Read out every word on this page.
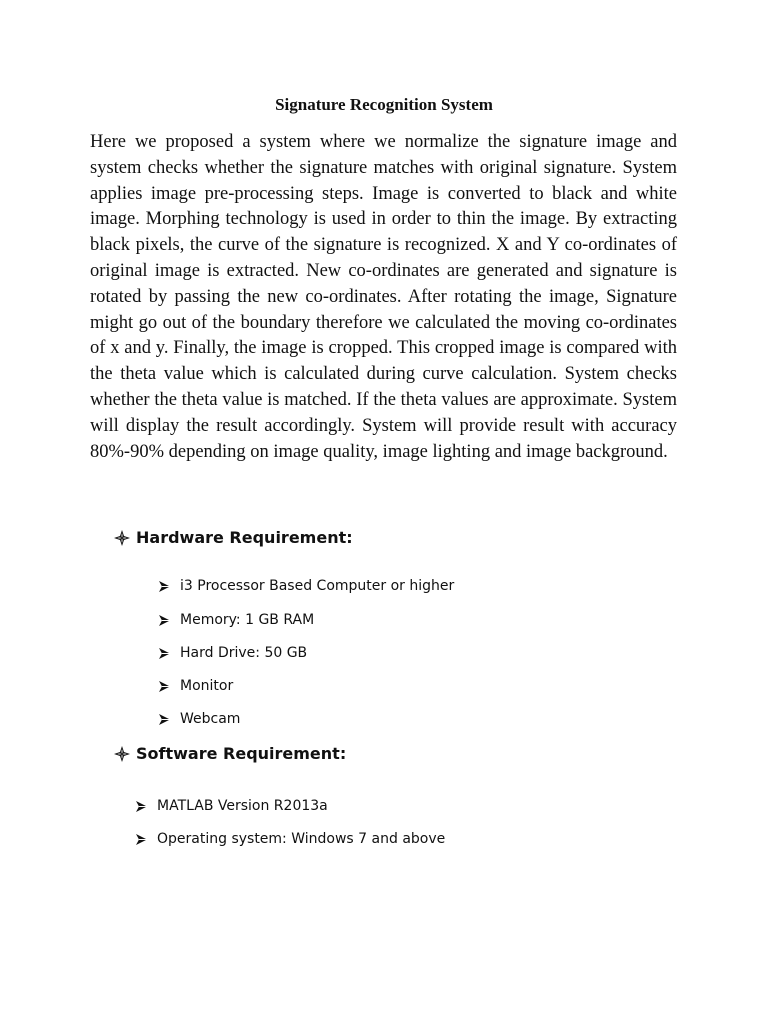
Signature Recognition System

Here we proposed a system where we normalize the signature image and system checks whether the signature matches with original signature. System applies image pre-processing steps. Image is converted to black and white image. Morphing technology is used in order to thin the image. By extracting black pixels, the curve of the signature is recognized. X and Y co-ordinates of original image is extracted. New co-ordinates are generated and signature is rotated by passing the new co-ordinates. After rotating the image, Signature might go out of the boundary therefore we calculated the moving co-ordinates of x and y. Finally, the image is cropped. This cropped image is compared with the theta value which is calculated during curve calculation. System checks whether the theta value is matched. If the theta values are approximate. System will display the result accordingly. System will provide result with accuracy 80%-90% depending on image quality, image lighting and image background.

Hardware Requirement:
i3 Processor Based Computer or higher
Memory: 1 GB RAM
Hard Drive: 50 GB
Monitor
Webcam
Software Requirement:
MATLAB Version R2013a
Operating system: Windows 7 and above
